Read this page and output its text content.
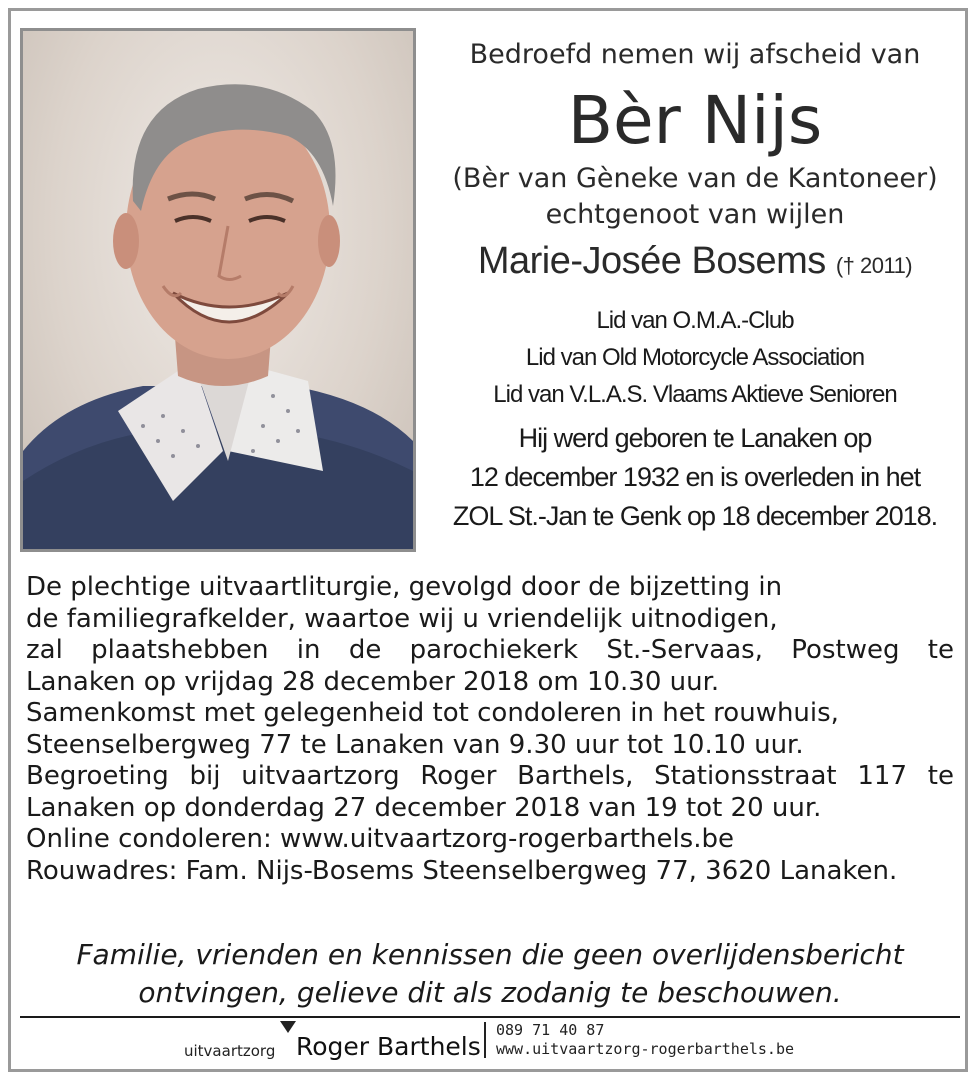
Bedroefd nemen wij afscheid van
Bèr Nijs
(Bèr van Gèneke van de Kantoneer)
echtgenoot van wijlen
Marie-Josée Bosems († 2011)
Lid van O.M.A.-Club
Lid van Old Motorcycle Association
Lid van V.L.A.S. Vlaams Aktieve Senioren
Hij werd geboren te Lanaken op
12 december 1932 en is overleden in het
ZOL St.-Jan te Genk op 18 december 2018.
De plechtige uitvaartliturgie, gevolgd door de bijzetting in
de familiegrafkelder, waartoe wij u vriendelijk uitnodigen,
zal plaatshebben in de parochiekerk St.-Servaas, Postweg te
Lanaken op vrijdag 28 december 2018 om 10.30 uur.
Samenkomst met gelegenheid tot condoleren in het rouwhuis,
Steenselbergweg 77 te Lanaken van 9.30 uur tot 10.10 uur.
Begroeting bij uitvaartzorg Roger Barthels, Stationsstraat 117 te
Lanaken op donderdag 27 december 2018 van 19 tot 20 uur.
Online condoleren: www.uitvaartzorg-rogerbarthels.be
Rouwadres: Fam. Nijs-Bosems Steenselbergweg 77, 3620 Lanaken.
Familie, vrienden en kennissen die geen overlijdensbericht
ontvingen, gelieve dit als zodanig te beschouwen.
uitvaartzorg Roger Barthels
089 71 40 87
www.uitvaartzorg-rogerbarthels.be
